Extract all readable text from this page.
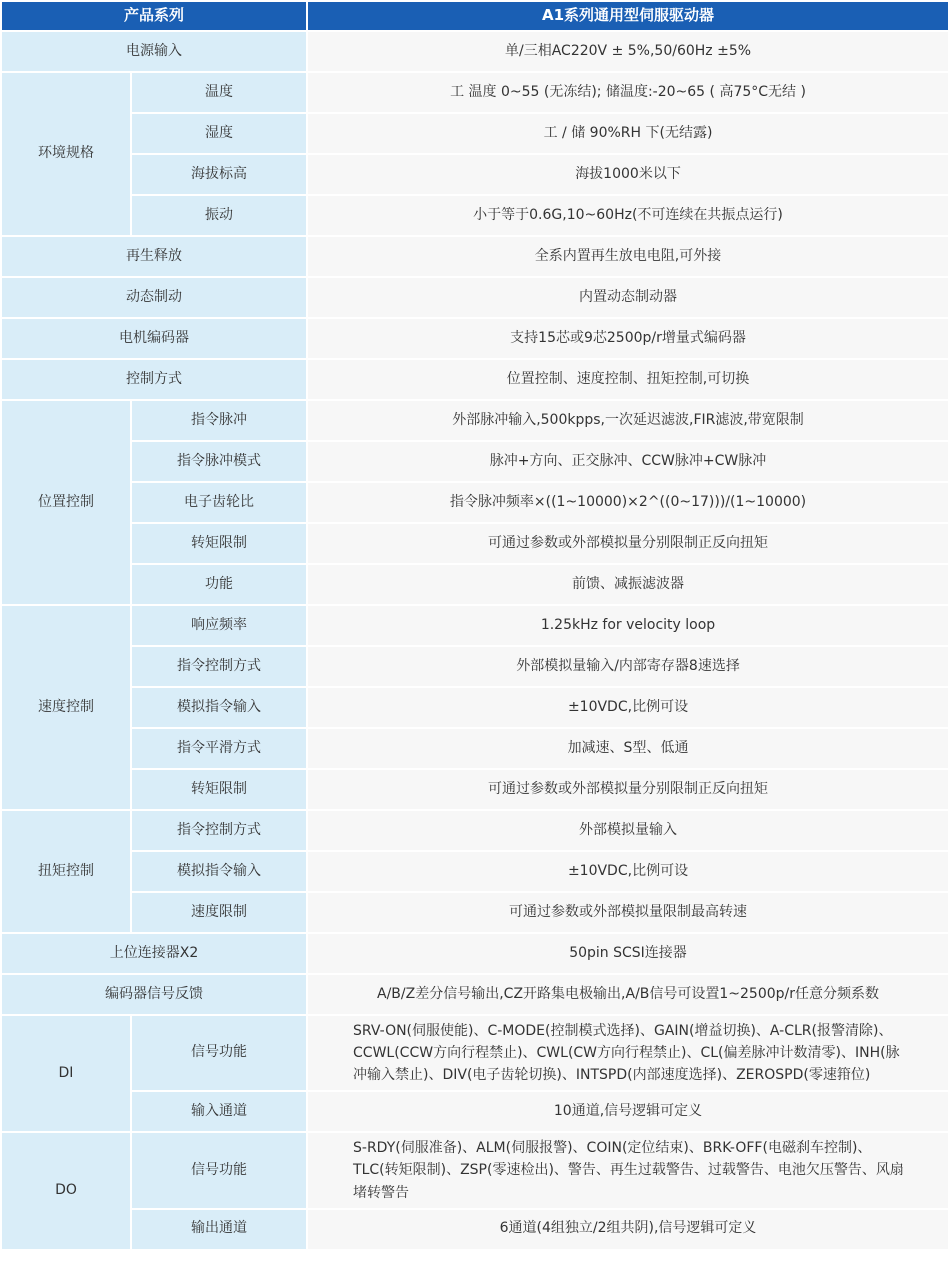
产品系列		A1系列通用型伺服驱动器
电源输入		单/三相AC220V ± 5%,50/60Hz ±5%
环境规格	温度	工 温度 0~55 (无冻结); 储温度:-20~65 ( 高75°C无结 )
	湿度	工 / 储 90%RH 下(无结露)
	海拔标高	海拔1000米以下
	振动	小于等于0.6G,10~60Hz(不可连续在共振点运行)
再生释放		全系内置再生放电电阻,可外接
动态制动		内置动态制动器
电机编码器		支持15芯或9芯2500p/r增量式编码器
控制方式		位置控制、速度控制、扭矩控制,可切换
位置控制	指令脉冲	外部脉冲输入,500kpps,一次延迟滤波,FIR滤波,带宽限制
	指令脉冲模式	脉冲+方向、正交脉冲、CCW脉冲+CW脉冲
	电子齿轮比	指令脉冲频率×((1~10000)×2^((0~17)))/(1~10000)
	转矩限制	可通过参数或外部模拟量分别限制正反向扭矩
	功能	前馈、减振滤波器
速度控制	响应频率	1.25kHz for velocity loop
	指令控制方式	外部模拟量输入/内部寄存器8速选择
	模拟指令输入	±10VDC,比例可设
	指令平滑方式	加减速、S型、低通
	转矩限制	可通过参数或外部模拟量分别限制正反向扭矩
扭矩控制	指令控制方式	外部模拟量输入
	模拟指令输入	±10VDC,比例可设
	速度限制	可通过参数或外部模拟量限制最高转速
上位连接器X2		50pin SCSI连接器
编码器信号反馈		A/B/Z差分信号输出,CZ开路集电极输出,A/B信号可设置1~2500p/r任意分频系数
DI	信号功能	SRV-ON(伺服使能)、C-MODE(控制模式选择)、GAIN(增益切换)、A-CLR(报警清除)、CCWL(CCW方向行程禁止)、CWL(CW方向行程禁止)、CL(偏差脉冲计数清零)、INH(脉冲输入禁止)、DIV(电子齿轮切换)、INTSPD(内部速度选择)、ZEROSPD(零速箝位)
	输入通道	10通道,信号逻辑可定义
DO	信号功能	S-RDY(伺服准备)、ALM(伺服报警)、COIN(定位结束)、BRK-OFF(电磁刹车控制)、TLC(转矩限制)、ZSP(零速检出)、警告、再生过载警告、过载警告、电池欠压警告、风扇堵转警告
	输出通道	6通道(4组独立/2组共阴),信号逻辑可定义
